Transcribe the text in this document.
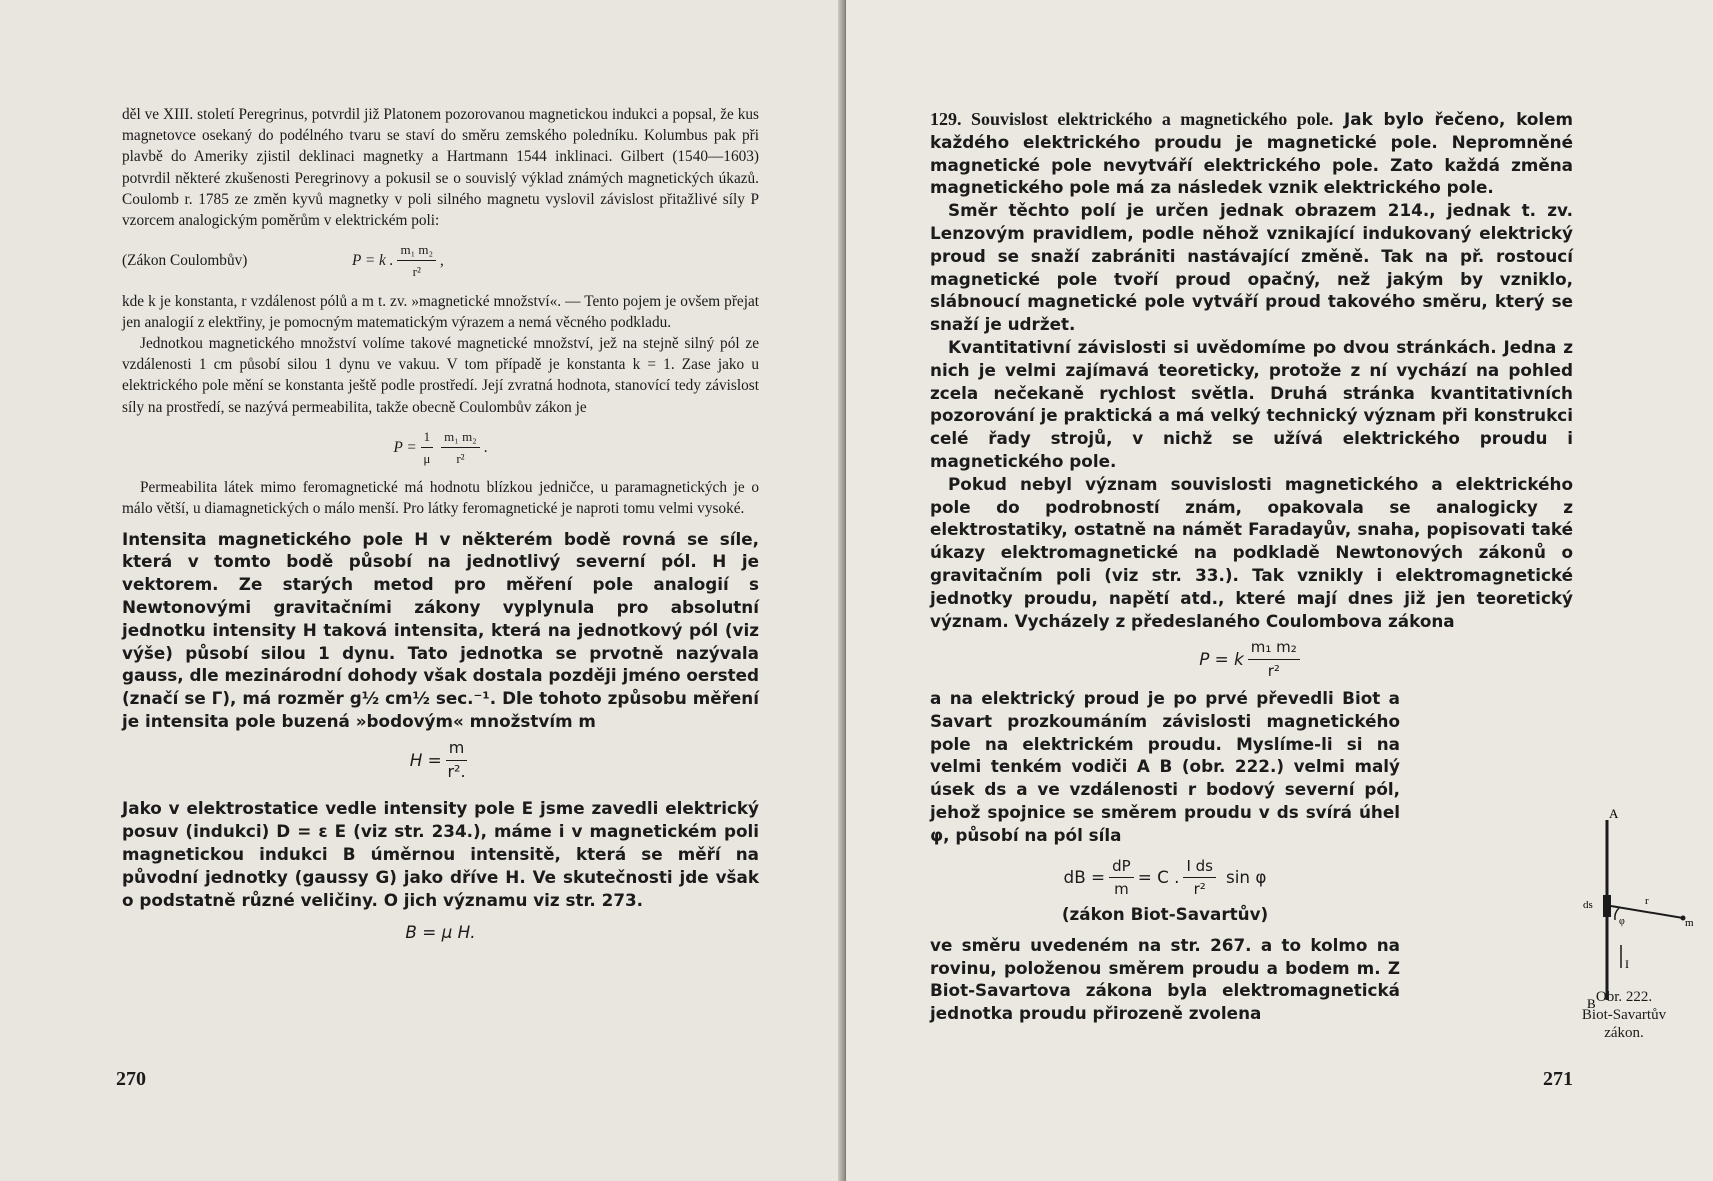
děl ve XIII. století Peregrinus, potvrdil již Platonem pozorovanou magnetickou indukci a popsal, že kus magnetovce osekaný do podélného tvaru se staví do směru zemského poledníku. Kolumbus pak při plavbě do Ameriky zjistil deklinaci magnetky a Hartmann 1544 inklinaci. Gilbert (1540—1603) potvrdil některé zkušenosti Peregrinovy a pokusil se o souvislý výklad známých magnetických úkazů. Coulomb r. 1785 ze změn kyvů magnetky v poli silného magnetu vyslovil závislost přitažlivé síly P vzorcem analogickým poměrům v elektrickém poli:

(Zákon Coulombův)	P = k . $\frac{\text{m₁ m₂}}{\text{r²}}$ ,

kde k je konstanta, r vzdálenost pólů a m t. zv. »magnetické množství«. — Tento pojem je ovšem přejat jen analogií z elektřiny, je pomocným matematickým výrazem a nemá věcného podkladu.

Jednotkou magnetického množství volíme takové magnetické množství, jež na stejně silný pól ze vzdálenosti 1 cm působí silou 1 dynu ve vakuu. V tom případě je konstanta k = 1. Zase jako u elektrického pole mění se konstanta ještě podle prostředí. Její zvratná hodnota, stanovící tedy závislost síly na prostředí, se nazývá permeabilita, takže obecně Coulombův zákon je

$P = \frac{1}{\mu} \frac{\text{m₁ m₂}}{\text{r²}}$ .

Permeabilita látek mimo feromagnetické má hodnotu blízkou jedničce, u paramagnetických je o málo větší, u diamagnetických o málo menší. Pro látky feromagnetické je naproti tomu velmi vysoké.

Intensita magnetického pole H v některém bodě rovná se síle, která v tomto bodě působí na jednotlivý severní pól. H je vektorem. Ze starých metod pro měření pole analogií s Newtonovými gravitačními zákony vyplynula pro absolutní jednotku intensity H taková intensita, která na jednotkový pól (viz výše) působí silou 1 dynu. Tato jednotka se prvotně nazývala gauss, dle mezinárodní dohody však dostala později jméno oersted (značí se Γ), má rozměr g½ cm½ sec.⁻¹. Dle tohoto způsobu měření je intensita pole buzená »bodovým« množstvím m

$H = \frac{m}{\text{r².}}$

Jako v elektrostatice vedle intensity pole E jsme zavedli elektrický posuv (indukci) D = ε E (viz str. 234.), máme i v magnetickém poli magnetickou indukci B úměrnou intensitě, která se měří na původní jednotky (gaussy G) jako dříve H. Ve skutečnosti jde však o podstatně různé veličiny. O jich významu viz str. 273.

B = μ H.

270

129. Souvislost elektrického a magnetického pole. Jak bylo řečeno, kolem každého elektrického proudu je magnetické pole. Nepromněné magnetické pole nevytváří elektrického pole. Zato každá změna magnetického pole má za následek vznik elektrického pole.

Směr těchto polí je určen jednak obrazem 214., jednak t. zv. Lenzovým pravidlem, podle něhož vznikající indukovaný elektrický proud se snaží zabrániti nastávající změně. Tak na př. rostoucí magnetické pole tvoří proud opačný, než jakým by vzniklo, slábnoucí magnetické pole vytváří proud takového směru, který se snaží je udržet.

Kvantitativní závislosti si uvědomíme po dvou stránkách. Jedna z nich je velmi zajímavá teoreticky, protože z ní vychází na pohled zcela nečekaně rychlost světla. Druhá stránka kvantitativních pozorování je praktická a má velký technický význam při konstrukci celé řady strojů, v nichž se užívá elektrického proudu i magnetického pole.

Pokud nebyl význam souvislosti magnetického a elektrického pole do podrobností znám, opakovala se analogicky z elektrostatiky, ostatně na námět Faradayův, snaha, popisovati také úkazy elektromagnetické na podkladě Newtonových zákonů o gravitačním poli (viz str. 33.). Tak vznikly i elektromagnetické jednotky proudu, napětí atd., které mají dnes již jen teoretický význam. Vycházely z předeslaného Coulombova zákona

P = k $\frac{\text{m₁ m₂}}{\text{r²}}$

a na elektrický proud je po prvé převedli Biot a Savart prozkoumáním závislosti magnetického pole na elektrickém proudu. Myslíme-li si na velmi tenkém vodiči A B (obr. 222.) velmi malý úsek ds a ve vzdálenosti r bodový severní pól, jehož spojnice se směrem proudu v ds svírá úhel φ, působí na pól síla

dB = $\frac{dP}{m} = C$ . $\frac{\text{I ds}}{\text{r²}}$ sin φ

(zákon Biot-Savartův)

ve směru uvedeném na str. 267. a to kolmo na rovinu, položenou směrem proudu a bodem m. Z Biot-Savartova zákona byla elektromagnetická jednotka proudu přirozeně zvolena

A
B
ds	r
m
φ
I
Obr. 222.
Biot-Savartův
zákon.
271
